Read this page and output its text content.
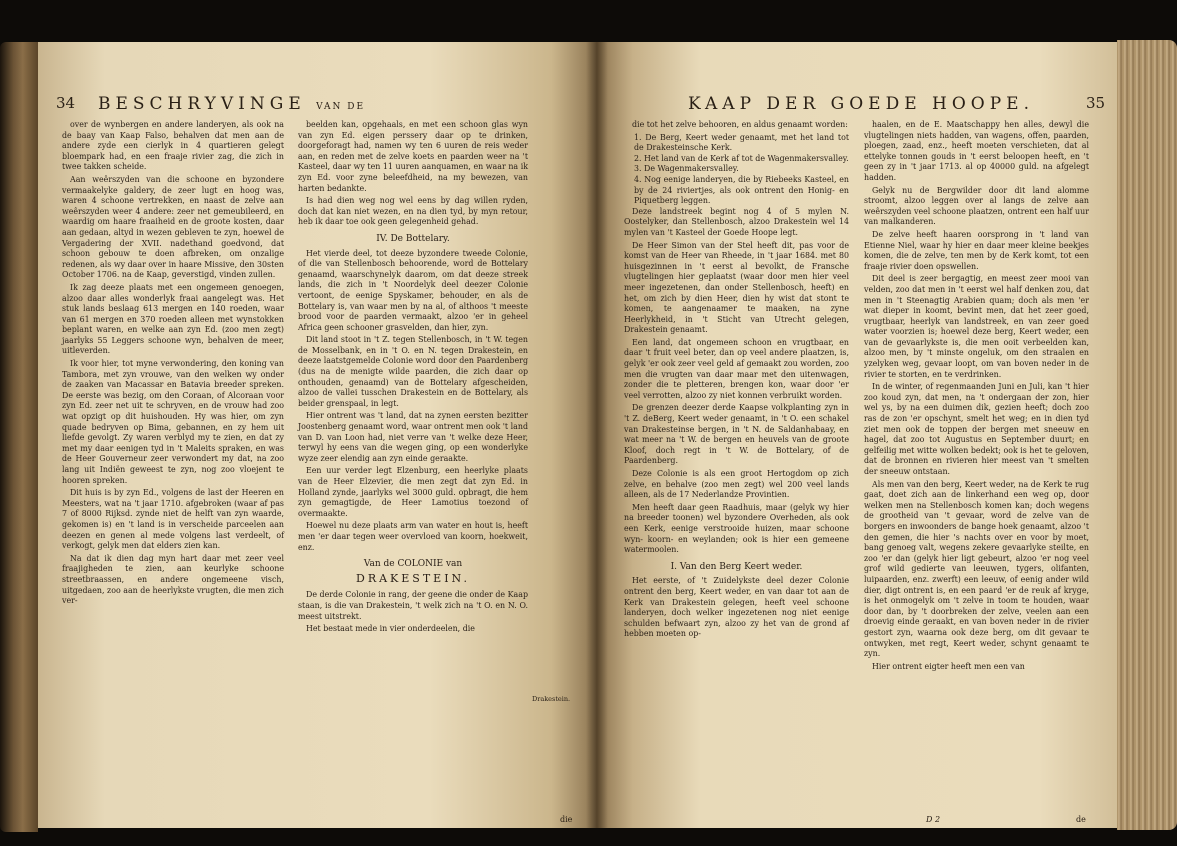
34 BESCHRYVINGE VAN DE

over de wynbergen en andere landeryen, als ook na de baay van Kaap Falso, behalven dat men aan de andere zyde een cierlyk in 4 quartieren gelegt bloempark had, en een fraaje rivier zag, die zich in twee takken scheide.

Aan weêrszyden van die schoone en byzondere vermaakelyke galdery, de zeer lugt en hoog was, waren 4 schoone vertrekken, en naast de zelve aan weêrszyden weer 4 andere: zeer net gemeubileerd, en waardig om haare fraaiheid en de groote kosten, daar aan gedaan, altyd in wezen gebleven te zyn, hoewel de Vergadering der XVII. nadethand goedvond, dat schoon gebouw te doen afbreken, om onzalige redenen, als wy daar over in haare Missive, den 30sten October 1706. na de Kaap, geverstigd, vinden zullen.

Ik zag deeze plaats met een ongemeen genoegen, alzoo daar alles wonderlyk fraai aangelegt was. Het stuk lands beslaag 613 mergen en 140 roeden, waar van 61 mergen en 370 roeden alleen met wynstokken beplant waren, en welke aan zyn Ed. (zoo men zegt) jaarlyks 55 Leggers schoone wyn, behalven de meer, uitleverden.

Ik voor hier, tot myne verwondering, den koning van Tambora, met zyn vrouwe, van den welken wy onder de zaaken van Macassar en Batavia breeder spreken. De eerste was bezig, om den Coraan, of Alcoraan voor zyn Ed. zeer net uit te schryven, en de vrouw had zoo wat opzigt op dit huishouden. Hy was hier, om zyn quade bedryven op Bima, gebannen, en zy hem uit liefde gevolgt. Zy waren verblyd my te zien, en dat zy met my daar eenigen tyd in 't Maleits spraken, en was de Heer Gouverneur zeer verwondert my dat, na zoo lang uit Indiën geweest te zyn, nog zoo vloejent te hooren spreken.

Dit huis is by zyn Ed., volgens de last der Heeren en Meesters, wat na 't jaar 1710. afgebroken (waar af pas 7 of 8000 Rijksd. zynde niet de helft van zyn waarde, gekomen is) en 't land is in verscheide parceelen aan deezen en genen al mede volgens last verdeelt, of verkogt, gelyk men dat elders zien kan.

Na dat ik dien dag myn hart daar met zeer veel fraajigheden te zien, aan keurlyke schoone streetbraassen, en andere ongemeene visch, uitgedaen, zoo aan de heerlykste vrugten, die men zich ver-

beelden kan, opgehaals, en met een schoon glas wyn van zyn Ed. eigen perssery daar op te drinken, doorgeforagt had, namen wy ten 6 uuren de reis weder aan, en reden met de zelve koets en paarden weer na 't Kasteel, daar wy ten 11 uuren aanquamen, en waar na ik zyn Ed. voor zyne beleefdheid, na my bewezen, van harten bedankte.

Is had dien weg nog wel eens by dag willen ryden, doch dat kan niet wezen, en na dien tyd, by myn retour, heb ik daar toe ook geen gelegenheid gehad.

IV. De Bottelary.

Het vierde deel, tot deeze byzondere tweede Colonie, of die van Stellenbosch behoorende, word de Bottelary genaamd, waarschynelyk daarom, om dat deeze streek lands, die zich in 't Noordelyk deel deezer Colonie vertoont, de eenige Spyskamer, behouder, en als de Bottelary is, van waar men by na al, of althoos 't meeste brood voor de paarden vermaakt, alzoo 'er in geheel Africa geen schooner grasvelden, dan hier, zyn.

Dit land stoot in 't Z. tegen Stellenbosch, in 't W. tegen de Mosselbank, en in 't O. en N. tegen Drakestein, en deeze laatstgemelde Colonie word door den Paardenberg (dus na de menigte wilde paarden, die zich daar op onthouden, genaamd) van de Bottelary afgescheiden, alzoo de vallei tusschen Drakestein en de Bottelary, als beider grenspaal, in legt.

Hier ontrent was 't land, dat na zynen eersten bezitter Joostenberg genaamt word, waar ontrent men ook 't land van D. van Loon had, niet verre van 't welke deze Heer, terwyl hy eens van die wegen ging, op een wonderlyke wyze zeer elendig aan zyn einde geraakte.

Een uur verder legt Elzenburg, een heerlyke plaats van de Heer Elzevier, die men zegt dat zyn Ed. in Holland zynde, jaarlyks wel 3000 guld. opbragt, die hem zyn gemagtigde, de Heer Lamotius toezond of overmaakte.

Hoewel nu deze plaats arm van water en hout is, heeft men 'er daar tegen weer overvloed van koorn, hoekweit, enz.

Van de COLONIE van

DRAKESTEIN.

De derde Colonie in rang, der geene die onder de Kaap staan, is die van Drakestein, 't welk zich na 't O. en N. O. meest uitstrekt.

Het bestaat mede in vier onderdeelen, die

Drakestein.
die
KAAP DER GOEDE HOOPE.	35

die tot het zelve behooren, en aldus genaamt worden:

1. De Berg, Keert weder genaamt, met het land tot de Drakesteinsche Kerk.

2. Het land van de Kerk af tot de Wagenmakersvalley.

3. De Wagenmakersvalley.

4. Nog eenige landeryen, die by Riebeeks Kasteel, en by de 24 riviertjes, als ook ontrent den Honig- en Piquetberg leggen.

Deze landstreek begint nog 4 of 5 mylen N. Oostelyker, dan Stellenbosch, alzoo Drakestein wel 14 mylen van 't Kasteel der Goede Hoope legt.

De Heer Simon van der Stel heeft dit, pas voor de komst van de Heer van Rheede, in 't jaar 1684. met 80 huisgezinnen in 't eerst al bevolkt, de Fransche vlugtelingen hier geplaatst (waar door men hier veel meer ingezetenen, dan onder Stellenbosch, heeft) en het, om zich by dien Heer, dien hy wist dat stont te komen, te aangenaamer te maaken, na zyne Heerlykheid, in 't Sticht van Utrecht gelegen, Drakestein genaamt.

Een land, dat ongemeen schoon en vrugtbaar, en daar 't fruit veel beter, dan op veel andere plaatzen, is, gelyk 'er ook zeer veel geld af gemaakt zou worden, zoo men die vrugten van daar maar met den uitenwagen, zonder die te pletteren, brengen kon, waar door 'er veel verrotten, alzoo zy niet konnen verbruikt worden.

De grenzen deezer derde Kaapse volkplanting zyn in 't Z. deBerg, Keert weder genaamt, in 't O. een schakel van Drakesteinse bergen, in 't N. de Saldanhabaay, en wat meer na 't W. de bergen en heuvels van de groote Kloof, doch regt in 't W. de Bottelary, of de Paardenberg.

Deze Colonie is als een groot Hertogdom op zich zelve, en behalve (zoo men zegt) wel 200 veel lands alleen, als de 17 Nederlandze Provintien.

Men heeft daar geen Raadhuis, maar (gelyk wy hier na breeder toonen) wel byzondere Overheden, als ook een Kerk, eenige verstrooide huizen, maar schoone wyn- koorn- en weylanden; ook is hier een gemeene watermoolen.

I. Van den Berg Keert weder.

Het eerste, of 't Zuidelykste deel dezer Colonie ontrent den berg, Keert weder, en van daar tot aan de Kerk van Drakestein gelegen, heeft veel schoone landeryen, doch welker ingezetenen nog niet eenige schulden befwaart zyn, alzoo zy het van de grond af hebben moeten op-

haalen, en de E. Maatschappy hen alles, dewyl die vlugtelingen niets hadden, van wagens, offen, paarden, ploegen, zaad, enz., heeft moeten verschieten, dat al ettelyke tonnen gouds in 't eerst beloopen heeft, en 't geen zy in 't jaar 1713. al op 40000 guld. na afgelegt hadden.

Gelyk nu de Bergwilder door dit land alomme stroomt, alzoo leggen over al langs de zelve aan weêrszyden veel schoone plaatzen, ontrent een half uur van malkanderen.

De zelve heeft haaren oorsprong in 't land van Etienne Niel, waar hy hier en daar meer kleine beekjes komen, die de zelve, ten men by de Kerk komt, tot een fraaje rivier doen opswellen.

Dit deel is zeer bergagtig, en meest zeer mooi van velden, zoo dat men in 't eerst wel half denken zou, dat men in 't Steenagtig Arabien quam; doch als men 'er wat dieper in koomt, bevint men, dat het zeer goed, vrugtbaar, heerlyk van landstreek, en van zeer goed water voorzien is; hoewel deze berg, Keert weder, een van de gevaarlykste is, die men ooit verbeelden kan, alzoo men, by 't minste ongeluk, om den straalen en yzelyken weg, gevaar loopt, om van boven neder in de rivier te storten, en te verdrinken.

In de winter, of regenmaanden Juni en Juli, kan 't hier zoo koud zyn, dat men, na 't ondergaan der zon, hier wel ys, by na een duimen dik, gezien heeft; doch zoo ras de zon 'er opschynt, smelt het weg; en in dien tyd ziet men ook de toppen der bergen met sneeuw en hagel, dat zoo tot Augustus en September duurt; en gelfeilig met witte wolken bedekt; ook is het te geloven, dat de bronnen en rivieren hier meest van 't smelten der sneeuw ontstaan.

Als men van den berg, Keert weder, na de Kerk te rug gaat, doet zich aan de linkerhand een weg op, door welken men na Stellenbosch komen kan; doch wegens de grootheid van 't gevaar, word de zelve van de borgers en inwoonders de bange hoek genaamt, alzoo 't den gemen, die hier 's nachts over en voor by moet, bang genoeg valt, wegens zekere gevaarlyke steilte, en zoo 'er dan (gelyk hier ligt gebeurt, alzoo 'er nog veel grof wild gedierte van leeuwen, tygers, olifanten, luipaarden, enz. zwerft) een leeuw, of eenig ander wild dier, digt ontrent is, en een paard 'er de reuk af kryge, is het onmogelyk om 't zelve in toom te houden, waar door dan, by 't doorbreken der zelve, veelen aan een droevig einde geraakt, en van boven neder in de rivier gestort zyn, waarna ook deze berg, om dit gevaar te ontwyken, met regt, Keert weder, schynt genaamt te zyn.

Hier ontrent eigter heeft men een van

D 2	de
